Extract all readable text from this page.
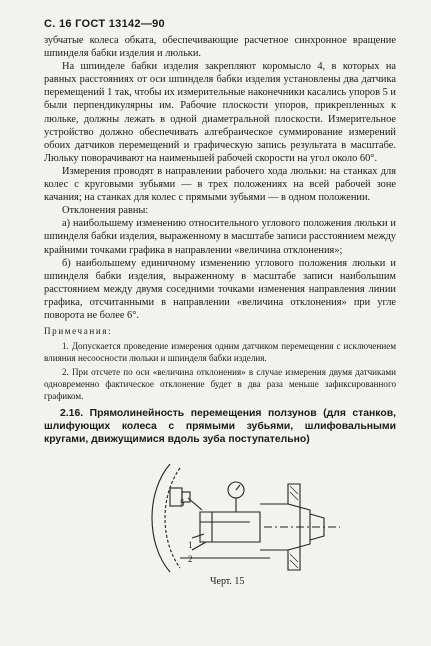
С. 16 ГОСТ 13142—90

зубчатые колеса обката, обеспечивающие расчетное синхронное вращение шпинделя бабки изделия и люльки.

На шпинделе бабки изделия закрепляют коромысло 4, в которых на равных расстояниях от оси шпинделя бабки изделия установлены два датчика перемещений 1 так, чтобы их измерительные наконечники касались упоров 5 и были перпендикулярны им. Рабочие плоскости упоров, прикрепленных к люльке, должны лежать в одной диаметральной плоскости. Измерительное устройство должно обеспечивать алгебраическое суммирование измерений обоих датчиков перемещений и графическую запись результата в масштабе. Люльку поворачивают на наименьшей рабочей скорости на угол около 60°.

Измерения проводят в направлении рабочего хода люльки: на станках для колес с круговыми зубьями — в трех положениях на всей рабочей зоне качания; на станках для колес с прямыми зубьями — в одном положении.

Отклонения равны:

а) наибольшему изменению относительного углового положения люльки и шпинделя бабки изделия, выраженному в масштабе записи расстоянием между крайними точками графика в направлении «величина отклонения»;

б) наибольшему единичному изменению углового положения люльки и шпинделя бабки изделия, выраженному в масштабе записи наибольшим расстоянием между двумя соседними точками изменения направления линии графика, отсчитанными в направлении «величина отклонения» при угле поворота не более 6°.

Примечания:

1. Допускается проведение измерения одним датчиком перемещения с исключением влияния несоосности люльки и шпинделя бабки изделия.

2. При отсчете по оси «величина отклонения» в случае измерения двумя датчиками одновременно фактическое отклонение будет в два раза меньше зафиксированного графиком.

2.16. Прямолинейность перемещения ползунов (для станков, шлифующих колеса с прямыми зубьями, шлифовальными кругами, движущимися вдоль зуба поступательно)

5
1
2
Черт. 15
